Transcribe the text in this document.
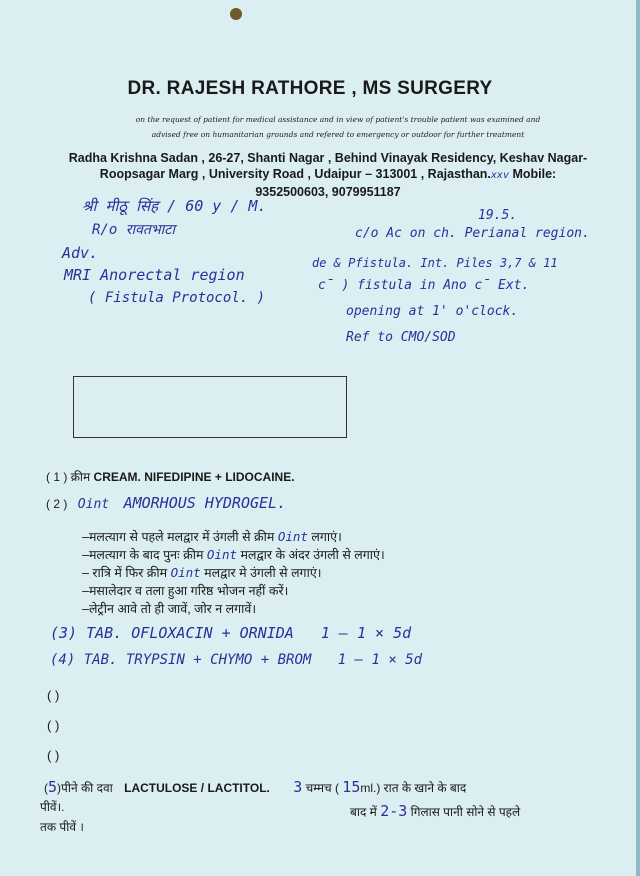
DR. RAJESH RATHORE , MS SURGERY
on the request of patient for medical assistance and in view of patient's trouble patient was examined and
advised free on humanitarian grounds and refered to emergency or outdoor for further treatment
Radha Krishna Sadan , 26-27, Shanti Nagar , Behind Vinayak Residency, Keshav Nagar-
Roopsagar Marg , University Road , Udaipur – 313001 , Rajasthan.xxv Mobile:
9352500603, 9079951187
श्री मीठू सिंह / 60 y / M.
R/o रावतभाटा
Adv.
MRI Anorectal region
( Fistula Protocol. )
19.5.
c/o Ac on ch. Perianal region.
de & Pfistula. Int. Piles 3,7 & 11
c̄ ) fistula in Ano c̄ Ext.
opening at 1' o'clock.
Ref to CMO/SOD
( 1 ) क्रीम CREAM. NIFEDIPINE + LIDOCAINE.
( 2 ) Oint AMORHOUS HYDROGEL.
–मलत्याग से पहले मलद्वार में उंगली से क्रीम Oint लगाएं।
–मलत्याग के बाद पुनः क्रीम Oint मलद्वार के अंदर उंगली से लगाएं।
– रात्रि में फिर क्रीम Oint मलद्वार मे उंगली से लगाएं।
–मसालेदार व तला हुआ गरिष्ठ भोजन नहीं करें।
–लेट्रीन आवे तो ही जावें, जोर न लगावें।
(3) TAB. OFLOXACIN + ORNIDA 1 — 1 × 5d
(4) TAB. TRYPSIN + CHYMO + BROM 1 — 1 × 5d
( )
( )
( )
(5)पीने की दवा LACTULOSE / LACTITOL. 3 चम्मच ( 15ml.) रात के खाने के बाद
पीवें।.	बाद में 2-3 गिलास पानी सोने से पहले
तक पीवें ।
